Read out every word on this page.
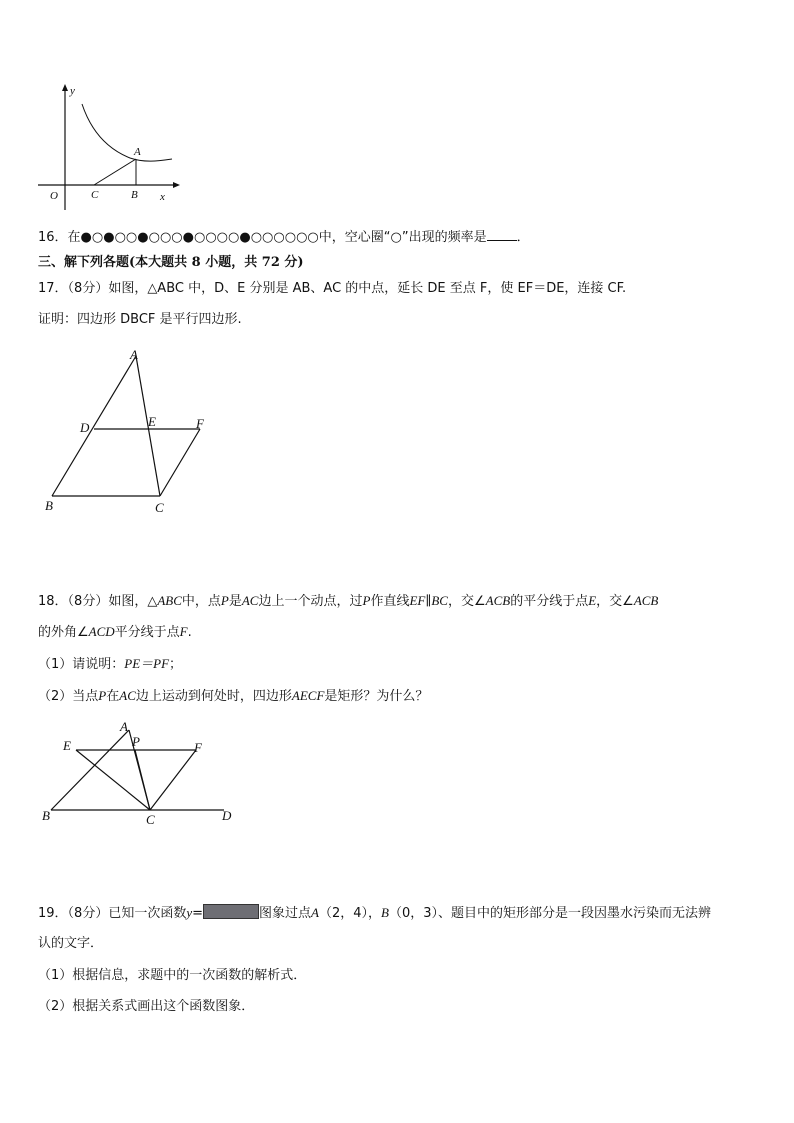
y
x
O
A
B
C
16．在●○●○○●○○○●○○○○●○○○○○○中，空心圈“○”出现的频率是 ．
三、解下列各题(本大题共 8 小题，共 72 分)
17．（8分）如图，△ABC 中，D、E 分别是 AB、AC 的中点，延长 DE 至点 F，使 EF＝DE，连接 CF.
证明：四边形 DBCF 是平行四边形.
A
D	E	F
B	C
18．（8分）如图，△ABC中，点P是AC边上一个动点，过P作直线EF∥BC，交∠ACB的平分线于点E，交∠ACB
的外角∠ACD平分线于点F.
（1）请说明：PE＝PF；
（2）当点P在AC边上运动到何处时，四边形AECF是矩形？为什么？
A
P
E	F
B	C	D
19．（8分）已知一次函数y=	图象过点A（2，4），B（0，3）、题目中的矩形部分是一段因墨水污染而无法辨
认的文字．
（1）根据信息，求题中的一次函数的解析式．
（2）根据关系式画出这个函数图象．
